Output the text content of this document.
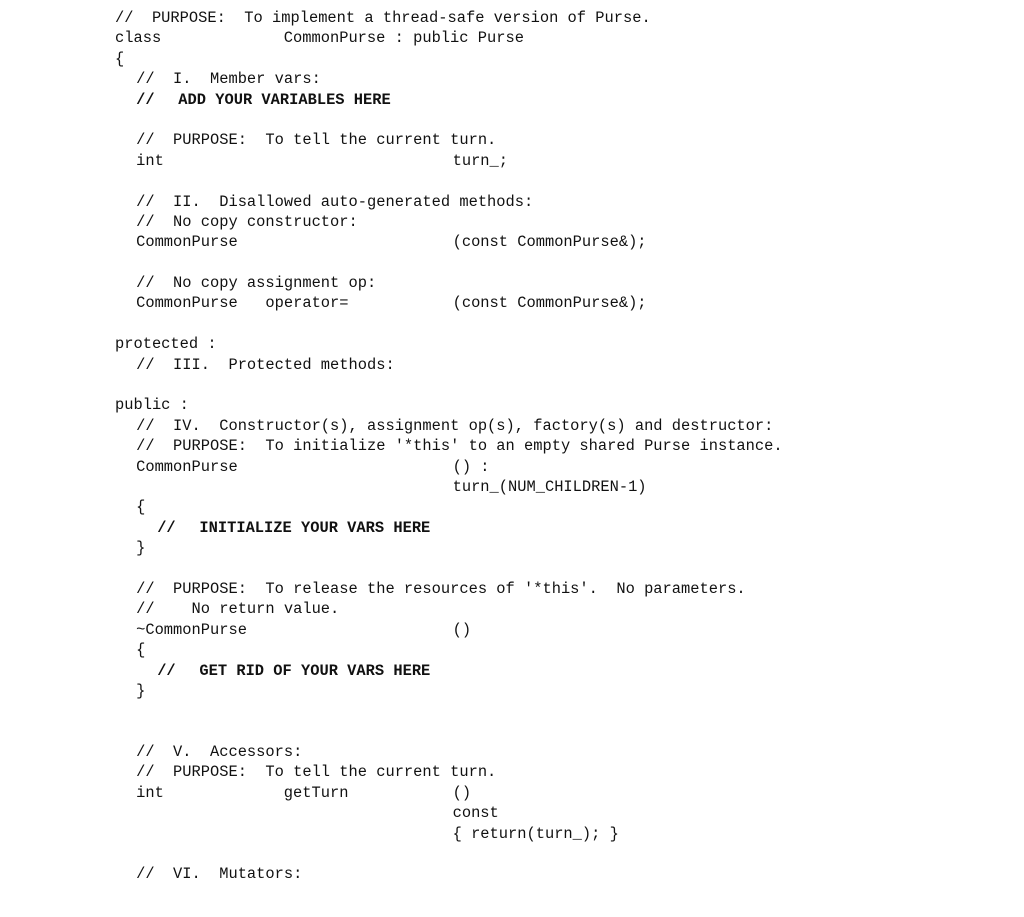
//  PURPOSE:  To implement a thread-safe version of Purse.
class	CommonPurse : public Purse
{
//  I.  Member vars:
// ADD YOUR VARIABLES HERE
//  PURPOSE:  To tell the current turn.
int	turn_;
//  II.  Disallowed auto-generated methods:
//  No copy constructor:
CommonPurse	(const CommonPurse&);
//  No copy assignment op:
CommonPurse   operator=	(const CommonPurse&);
protected :
//  III.  Protected methods:
public :
//  IV.  Constructor(s), assignment op(s), factory(s) and destructor:
//  PURPOSE:  To initialize '*this' to an empty shared Purse instance.
CommonPurse	() :
turn_(NUM_CHILDREN-1)
{
// INITIALIZE YOUR VARS HERE
}
//  PURPOSE:  To release the resources of '*this'.  No parameters.
//    No return value.
~CommonPurse	()
{
// GET RID OF YOUR VARS HERE
}
//  V.  Accessors:
//  PURPOSE:  To tell the current turn.
int	getTurn	()
const
{ return(turn_); }
//  VI.  Mutators:
